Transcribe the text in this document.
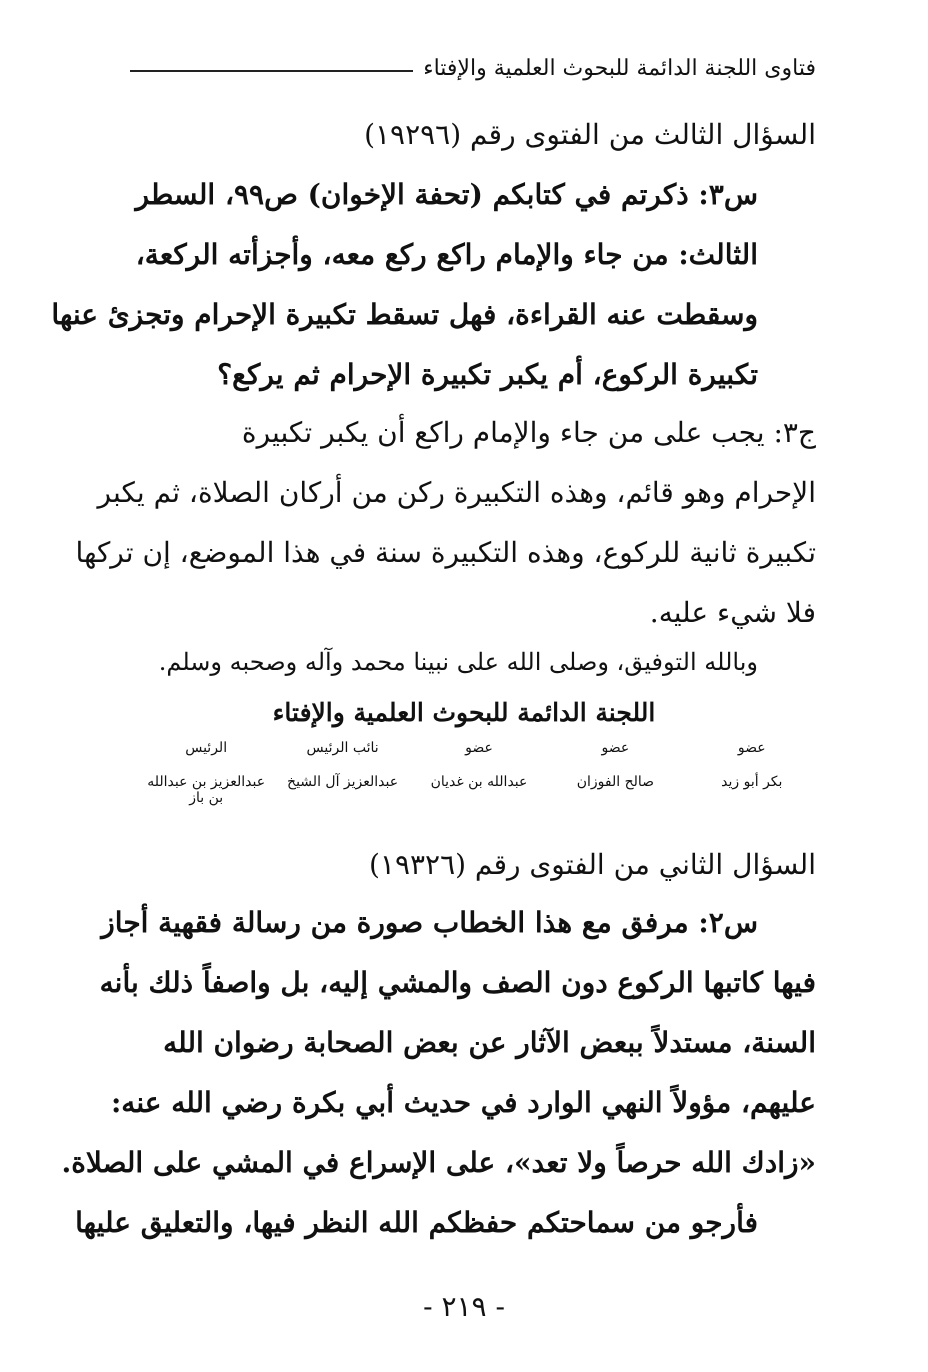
فتاوى اللجنة الدائمة للبحوث العلمية والإفتاء
السؤال الثالث من الفتوى رقم (١٩٢٩٦)
س٣: ذكرتم في كتابكم (تحفة الإخوان) ص٩٩، السطر
الثالث: من جاء والإمام راكع ركع معه، وأجزأته الركعة،
وسقطت عنه القراءة، فهل تسقط تكبيرة الإحرام وتجزئ عنها
تكبيرة الركوع، أم يكبر تكبيرة الإحرام ثم يركع؟
ج٣: يجب على من جاء والإمام راكع أن يكبر تكبيرة
الإحرام وهو قائم، وهذه التكبيرة ركن من أركان الصلاة، ثم يكبر
تكبيرة ثانية للركوع، وهذه التكبيرة سنة في هذا الموضع، إن تركها
فلا شيء عليه.
وبالله التوفيق، وصلى الله على نبينا محمد وآله وصحبه وسلم.
اللجنة الدائمة للبحوث العلمية والإفتاء
عضو
عضو
عضو
نائب الرئيس
الرئيس
بكر أبو زيد
صالح الفوزان
عبدالله بن غديان
عبدالعزيز آل الشيخ
عبدالعزيز بن عبدالله بن باز
السؤال الثاني من الفتوى رقم (١٩٣٢٦)
س٢: مرفق مع هذا الخطاب صورة من رسالة فقهية أجاز
فيها كاتبها الركوع دون الصف والمشي إليه، بل واصفاً ذلك بأنه
السنة، مستدلاً ببعض الآثار عن بعض الصحابة رضوان الله
عليهم، مؤولاً النهي الوارد في حديث أبي بكرة رضي الله عنه:
«زادك الله حرصاً ولا تعد»، على الإسراع في المشي على الصلاة.
فأرجو من سماحتكم حفظكم الله النظر فيها، والتعليق عليها
- ٢١٩ -
